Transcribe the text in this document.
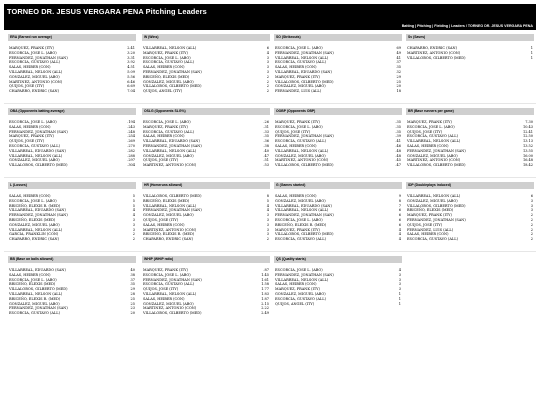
TORNEO DR. JESUS VERGARA PENA Pitching Leaders
Batting | Pitching | Fielding | Leaders / TORNEO DR. JESUS VERGARA PENA
ERA (Earned run average)
MARQUEZ, FRANK (ITY)	2.41
ESCORCIA, JOSE L. (ABO)	3.20
FERNANDEZ, JONATHAN (SAN)	3.31
ESCORCIA, GUSTAVO (ALL)	3.92
SALAS, HEIBER (CON)	4.51
VILLARREAL, NELSON (ALL)	5.09
GONZALEZ, MIGUEL (ABO)	5.56
MARTINEZ, ANTONIO (CON)	6.46
QUIJOS, JOSE (ITY)	6.69
CHAPARRO, ENDRIC (SAN)	7.04
W (Wins)
VILLARREAL, NELSON (ALL)	6
MARQUEZ, FRANK (ITY)	4
ESCORCIA, JOSE L. (ABO)	3
ESCORCIA, GUSTAVO (ALL)	3
SALAS, HEIBER (CON)	3
FERNANDEZ, JONATHAN (SAN)	3
BRICEÑO, ELEXIS (MED)	2
GONZALEZ, MIGUEL (ABO)	2
VILLALOBOS, GILBERTO (MED)	2
QUIJOS, ANGEL (ITY)	2
SO (Strikeouts)
ESCORCIA, JOSE L. (ABO)	69
FERNANDEZ, JONATHAN (SAN)	49
VILLARREAL, NELSON (ALL)	41
ESCORCIA, GUSTAVO (ALL)	37
SALAS, HEIBER (CON)	35
VILLARREAL, EDUARDO (SAN)	32
MARQUEZ, FRANK (ITY)	29
VILLALOBOS, GILBERTO (MED)	25
GONZALEZ, MIGUEL (ABO)	20
FERNANDEZ, LUIS (ALL)	18
Sv (Saves)
CHAPARRO, ENDRIC (SAN)	1
MARTINEZ, ANTONIO (CON)	1
VILLALOBOS, GILBERTO (MED)	1
OBA (Opponents batting average)
ESCORCIA, JOSE L. (ABO)	.194
SALAS, HEIBER (CON)	.243
FERNANDEZ, JONATHAN (SAN)	.248
MARQUEZ, FRANK (ITY)	.254
QUIJOS, JOSE (ITY)	.269
ESCORCIA, GUSTAVO (ALL)	.270
VILLARREAL, EDUARDO (SAN)	.282
VILLARREAL, NELSON (ALL)	.288
GONZALEZ, MIGUEL (ABO)	.297
VILLALOBOS, GILBERTO (MED)	.304
OSLG (Opponents SLG%)
ESCORCIA, JOSE L. (ABO)	.26
MARQUEZ, FRANK (ITY)	.31
ESCORCIA, GUSTAVO (ALL)	.33
SALAS, HEIBER (CON)	.35
VILLARREAL, EDUARDO (SAN)	.36
FERNANDEZ, JONATHAN (SAN)	.38
VILLARREAL, NELSON (ALL)	.40
GONZALEZ, MIGUEL (ABO)	.47
QUIJOS, JOSE (ITY)	.51
MARTINEZ, ANTONIO (CON)	.53
OOBP (Opponents OBP)
MARQUEZ, FRANK (ITY)	.35
ESCORCIA, JOSE L. (ABO)	.35
QUIJOS, JOSE (ITY)	.35
FERNANDEZ, JONATHAN (SAN)	.39
ESCORCIA, GUSTAVO (ALL)	.41
SALAS, HEIBER (CON)	.46
VILLARREAL, NELSON (ALL)	.48
GONZALEZ, MIGUEL (ABO)	.48
MARTINEZ, ANTONIO (CON)	.45
VILLALOBOS, GILBERTO (MED)	.47
BR (Base runners per game)
MARQUEZ, FRANK (ITY)	7.30
ESCORCIA, JOSE L. (ABO)	10.43
QUIJOS, JOSE (ITY)	12.41
ESCORCIA, GUSTAVO (ALL)	12.50
VILLARREAL, NELSON (ALL)	13.13
SALAS, HEIBER (CON)	13.52
FERNANDEZ, JONATHAN (SAN)	13.55
GONZALEZ, MIGUEL (ABO)	16.00
MARTINEZ, ANTONIO (CON)	16.48
VILLALOBOS, GILBERTO (MED)	18.42
L (Losses)
SALAS, HEIBER (CON)	5
ESCORCIA, JOSE L. (ABO)	5
BRICEÑO, ELEXIS R. (MED)	5
VILLARREAL, EDUARDO (SAN)	4
FERNANDEZ, JONATHAN (SAN)	4
BRICEÑO, ELEXIS (MED)	3
GONZALEZ, MIGUEL (ABO)	3
VILLARREAL, NELSON (ALL)	3
GARCIA, FRANKLIN (CON)	2
CHAPARRO, ENDRIC (SAN)	2
HR (Homeruns allowed)
VILLALOBOS, GILBERTO (MED)	8
BRICEÑO, ELEXIS (MED)	5
VILLARREAL, NELSON (ALL)	4
FERNANDEZ, JONATHAN (SAN)	4
GONZALEZ, MIGUEL (ABO)	3
QUIJOS, JOSE (ITY)	3
SALAS, HEIBER (CON)	3
MARTINEZ, ANTONIO (CON)	3
BRICEÑO, ELEXIS R. (MED)	3
CHAPARRO, ENDRIC (SAN)	2
G (Games started)
SALAS, HEIBER (CON)	9
GONZALEZ, MIGUEL (ABO)	8
VILLARREAL, EDUARDO (SAN)	7
VILLARREAL, NELSON (ALL)	6
FERNANDEZ, JONATHAN (SAN)	6
ESCORCIA, JOSE L. (ABO)	6
BRICEÑO, ELEXIS R. (MED)	6
MARQUEZ, FRANK (ITY)	4
VILLALOBOS, GILBERTO (MED)	4
ESCORCIA, GUSTAVO (ALL)	4
IDP (Doubleplays induced)
VILLARREAL, NELSON (ALL)	6
GONZALEZ, MIGUEL (ABO)	3
VILLALOBOS, GILBERTO (MED)	3
BRICEÑO, ELEXIS (MED)	3
MARQUEZ, FRANK (ITY)	2
FERNANDEZ, JONATHAN (SAN)	2
QUIJOS, JOSE (ITY)	2
FERNANDEZ, LUIS (ALL)	2
SALAS, HEIBER (CON)	2
ESCORCIA, GUSTAVO (ALL)	2
BB (Base on balls allowed)
VILLARREAL, EDUARDO (SAN)	40
SALAS, HEIBER (CON)	38
ESCORCIA, JOSE L. (ABO)	37
BRICEÑO, ELEXIS (MED)	35
VILLALOBOS, GILBERTO (MED)	29
VILLARREAL, NELSON (ALL)	28
BRICEÑO, ELEXIS R. (MED)	25
GONZALEZ, MIGUEL (ABO)	25
FERNANDEZ, JONATHAN (SAN)	23
ESCORCIA, GUSTAVO (ALL)	20
WHIP (WHIP ratio)
MARQUEZ, FRANK (ITY)	.87
ESCORCIA, JOSE L. (ABO)	1.45
FERNANDEZ, JONATHAN (SAN)	1.61
ESCORCIA, GUSTAVO (ALL)	1.58
QUIJOS, JOSE (ITY)	1.77
VILLARREAL, NELSON (ALL)	1.83
SALAS, HEIBER (CON)	1.87
GONZALEZ, MIGUEL (ABO)	2.15
MARTINEZ, ANTONIO (CON)	2.22
VILLALOBOS, GILBERTO (MED)	2.49
QS (Quality starts)
ESCORCIA, JOSE L. (ABO)	4
FERNANDEZ, JONATHAN (SAN)	3
VILLARREAL, NELSON (ALL)	3
SALAS, HEIBER (CON)	3
MARQUEZ, FRANK (ITY)	3
GONZALEZ, MIGUEL (ABO)	1
ESCORCIA, GUSTAVO (ALL)	1
QUIJOS, ANGEL (ITY)	1
